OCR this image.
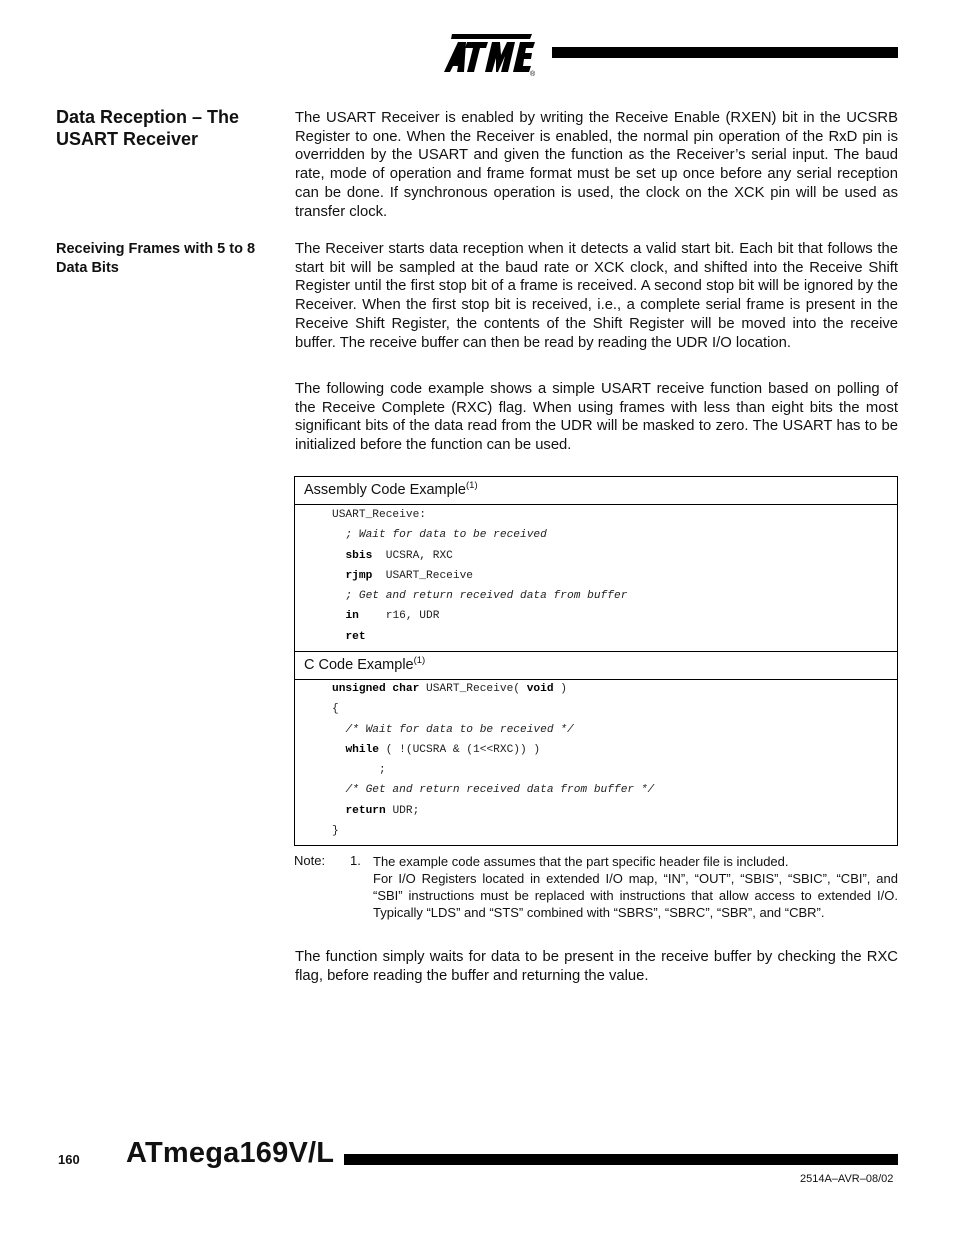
®
Data Reception – The USART Receiver

The USART Receiver is enabled by writing the Receive Enable (RXEN) bit in the UCSRB Register to one. When the Receiver is enabled, the normal pin operation of the RxD pin is overridden by the USART and given the function as the Receiver’s serial input. The baud rate, mode of operation and frame format must be set up once before any serial reception can be done. If synchronous operation is used, the clock on the XCK pin will be used as transfer clock.

Receiving Frames with 5 to 8 Data Bits

The Receiver starts data reception when it detects a valid start bit. Each bit that follows the start bit will be sampled at the baud rate or XCK clock, and shifted into the Receive Shift Register until the first stop bit of a frame is received. A second stop bit will be ignored by the Receiver. When the first stop bit is received, i.e., a complete serial frame is present in the Receive Shift Register, the contents of the Shift Register will be moved into the receive buffer. The receive buffer can then be read by reading the UDR I/O location.

The following code example shows a simple USART receive function based on polling of the Receive Complete (RXC) flag. When using frames with less than eight bits the most significant bits of the data read from the UDR will be masked to zero. The USART has to be initialized before the function can be used.

Assembly Code Example$^{(1)}$
USART_Receive:
; Wait for data to be received
sbis UCSRA, RXC
rjmp USART_Receive
; Get and return received data from buffer
in r16, UDR
ret
C Code Example$^{(1)}$
unsigned char USART_Receive( void )
{
/* Wait for data to be received */
while ( !(UCSRA & (1<<RXC)) )
;
/* Get and return received data from buffer */
return UDR;
}
Note: 1. The example code assumes that the part specific header file is included.
For I/O Registers located in extended I/O map, “IN”, “OUT”, “SBIS”, “SBIC”, “CBI”, and “SBI” instructions must be replaced with instructions that allow access to extended I/O. Typically “LDS” and “STS” combined with “SBRS”, “SBRC”, “SBR”, and “CBR”.

The function simply waits for data to be present in the receive buffer by checking the RXC flag, before reading the buffer and returning the value.

160 ATmega169V/L
2514A–AVR–08/02
